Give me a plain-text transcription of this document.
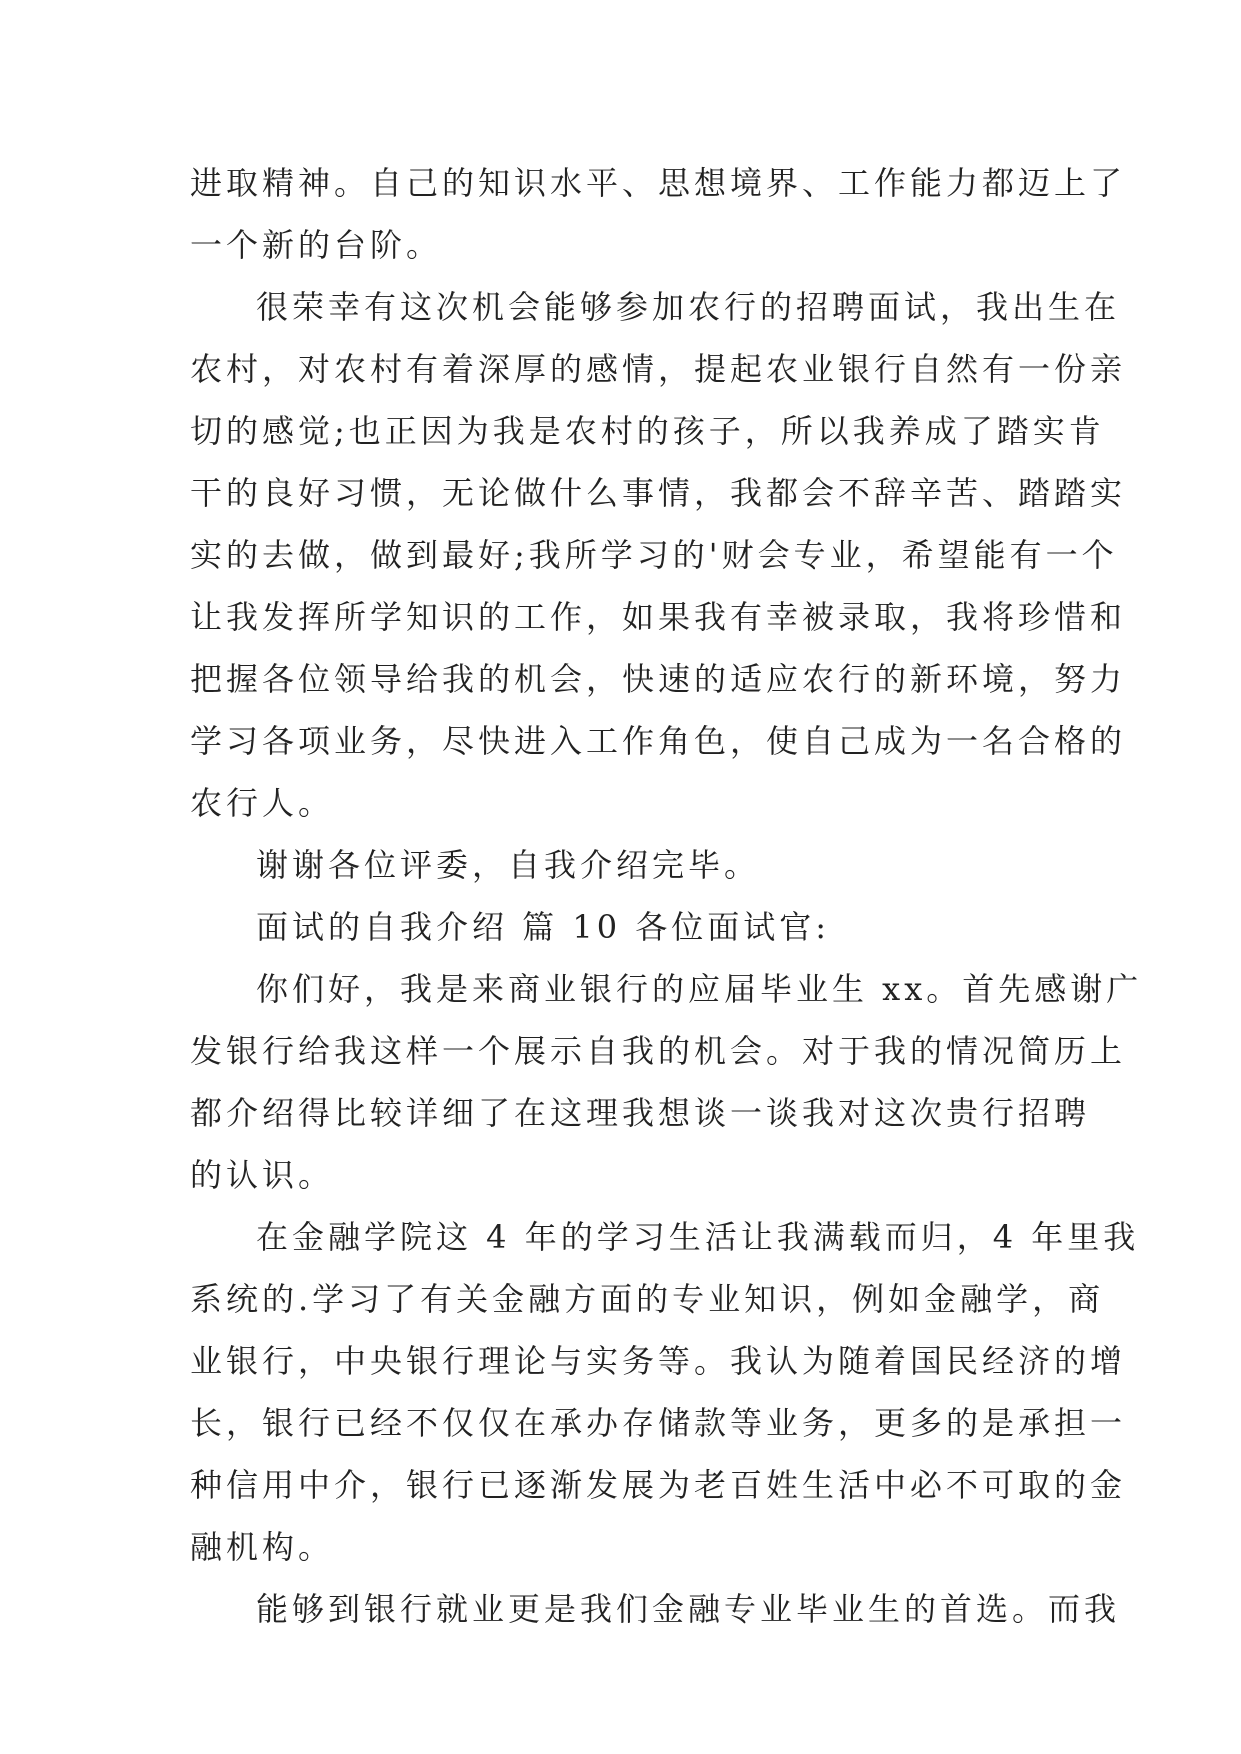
进取精神。自己的知识水平、思想境界、工作能力都迈上了
一个新的台阶。
很荣幸有这次机会能够参加农行的招聘面试，我出生在
农村，对农村有着深厚的感情，提起农业银行自然有一份亲
切的感觉;也正因为我是农村的孩子，所以我养成了踏实肯
干的良好习惯，无论做什么事情，我都会不辞辛苦、踏踏实
实的去做，做到最好;我所学习的'财会专业，希望能有一个
让我发挥所学知识的工作，如果我有幸被录取，我将珍惜和
把握各位领导给我的机会，快速的适应农行的新环境，努力
学习各项业务，尽快进入工作角色，使自己成为一名合格的
农行人。
谢谢各位评委，自我介绍完毕。
面试的自我介绍 篇 10 各位面试官:
你们好，我是来商业银行的应届毕业生 xx。首先感谢广
发银行给我这样一个展示自我的机会。对于我的情况简历上
都介绍得比较详细了在这理我想谈一谈我对这次贵行招聘
的认识。
在金融学院这 4 年的学习生活让我满载而归，4 年里我
系统的.学习了有关金融方面的专业知识，例如金融学，商
业银行，中央银行理论与实务等。我认为随着国民经济的增
长，银行已经不仅仅在承办存储款等业务，更多的是承担一
种信用中介，银行已逐渐发展为老百姓生活中必不可取的金
融机构。
能够到银行就业更是我们金融专业毕业生的首选。而我
